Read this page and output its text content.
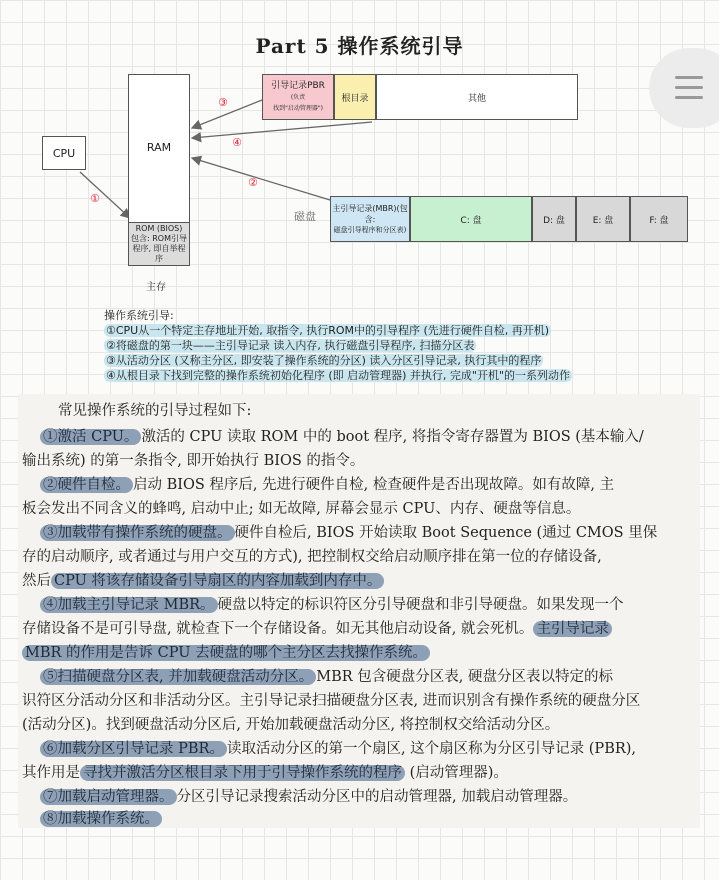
Part 5 操作系统引导
CPU	RAM
ROM (BIOS)
包含: ROM引导
程序, 即自举程
序
主存
引导记录PBR
(负责
找到"启动管理器")
根目录	其他
磁盘
主引导记录(MBR)(包含:
磁盘引导程序和分区表)
C: 盘	D: 盘	E: 盘	F: 盘
①
③
④
②
操作系统引导:
①CPU从一个特定主存地址开始, 取指令, 执行ROM中的引导程序 (先进行硬件自检, 再开机)
②将磁盘的第一块——主引导记录 读入内存, 执行磁盘引导程序, 扫描分区表
③从活动分区 (又称主分区, 即安装了操作系统的分区) 读入分区引导记录, 执行其中的程序
④从根目录下找到完整的操作系统初始化程序 (即 启动管理器) 并执行, 完成"开机"的一系列动作
常见操作系统的引导过程如下:
①激活 CPU。 激活的 CPU 读取 ROM 中的 boot 程序, 将指令寄存器置为 BIOS (基本输入/
输出系统) 的第一条指令, 即开始执行 BIOS 的指令。
②硬件自检。 启动 BIOS 程序后, 先进行硬件自检, 检查硬件是否出现故障。如有故障, 主
板会发出不同含义的蜂鸣, 启动中止; 如无故障, 屏幕会显示 CPU、内存、硬盘等信息。
③加载带有操作系统的硬盘。 硬件自检后, BIOS 开始读取 Boot Sequence (通过 CMOS 里保
存的启动顺序, 或者通过与用户交互的方式), 把控制权交给启动顺序排在第一位的存储设备,
然后 CPU 将该存储设备引导扇区的内容加载到内存中。
④加载主引导记录 MBR。 硬盘以特定的标识符区分引导硬盘和非引导硬盘。如果发现一个
存储设备不是可引导盘, 就检查下一个存储设备。如无其他启动设备, 就会死机。 主引导记录
MBR 的作用是告诉 CPU 去硬盘的哪个主分区去找操作系统。
⑤扫描硬盘分区表, 并加载硬盘活动分区。 MBR 包含硬盘分区表, 硬盘分区表以特定的标
识符区分活动分区和非活动分区。主引导记录扫描硬盘分区表, 进而识别含有操作系统的硬盘分区
(活动分区)。找到硬盘活动分区后, 开始加载硬盘活动分区, 将控制权交给活动分区。
⑥加载分区引导记录 PBR。 读取活动分区的第一个扇区, 这个扇区称为分区引导记录 (PBR),
其作用是 寻找并激活分区根目录下用于引导操作系统的程序 (启动管理器)。
⑦加载启动管理器。 分区引导记录搜索活动分区中的启动管理器, 加载启动管理器。
⑧加载操作系统。
